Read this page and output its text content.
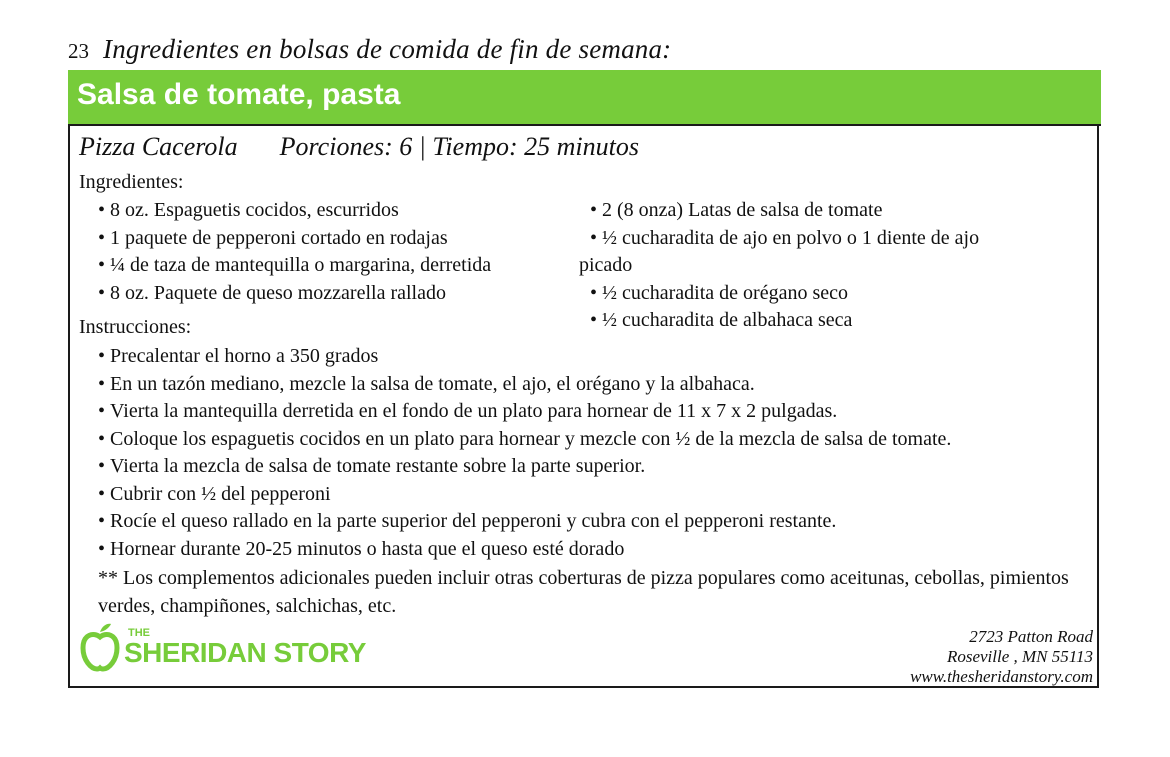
23 Ingredientes en bolsas de comida de fin de semana:
Salsa de tomate, pasta
Pizza Cacerola Porciones: 6 | Tiempo: 25 minutos
Ingredientes:
• 8 oz. Espaguetis cocidos, escurridos
• 1 paquete de pepperoni cortado en rodajas
• ¼ de taza de mantequilla o margarina, derretida
• 8 oz. Paquete de queso mozzarella rallado
• 2 (8 onza) Latas de salsa de tomate
• ½ cucharadita de ajo en polvo o 1 diente de ajo
picado
• ½ cucharadita de orégano seco
• ½ cucharadita de albahaca seca
Instrucciones:
• Precalentar el horno a 350 grados
• En un tazón mediano, mezcle la salsa de tomate, el ajo, el orégano y la albahaca.
• Vierta la mantequilla derretida en el fondo de un plato para hornear de 11 x 7 x 2 pulgadas.
• Coloque los espaguetis cocidos en un plato para hornear y mezcle con ½ de la mezcla de salsa de tomate.
• Vierta la mezcla de salsa de tomate restante sobre la parte superior.
• Cubrir con ½ del pepperoni
• Rocíe el queso rallado en la parte superior del pepperoni y cubra con el pepperoni restante.
• Hornear durante 20-25 minutos o hasta que el queso esté dorado
** Los complementos adicionales pueden incluir otras coberturas de pizza populares como aceitunas, cebollas, pimientos verdes, champiñones, salchichas, etc.
THE
SHERIDAN STORY	2723 Patton Road
Roseville , MN 55113
www.thesheridanstory.com
